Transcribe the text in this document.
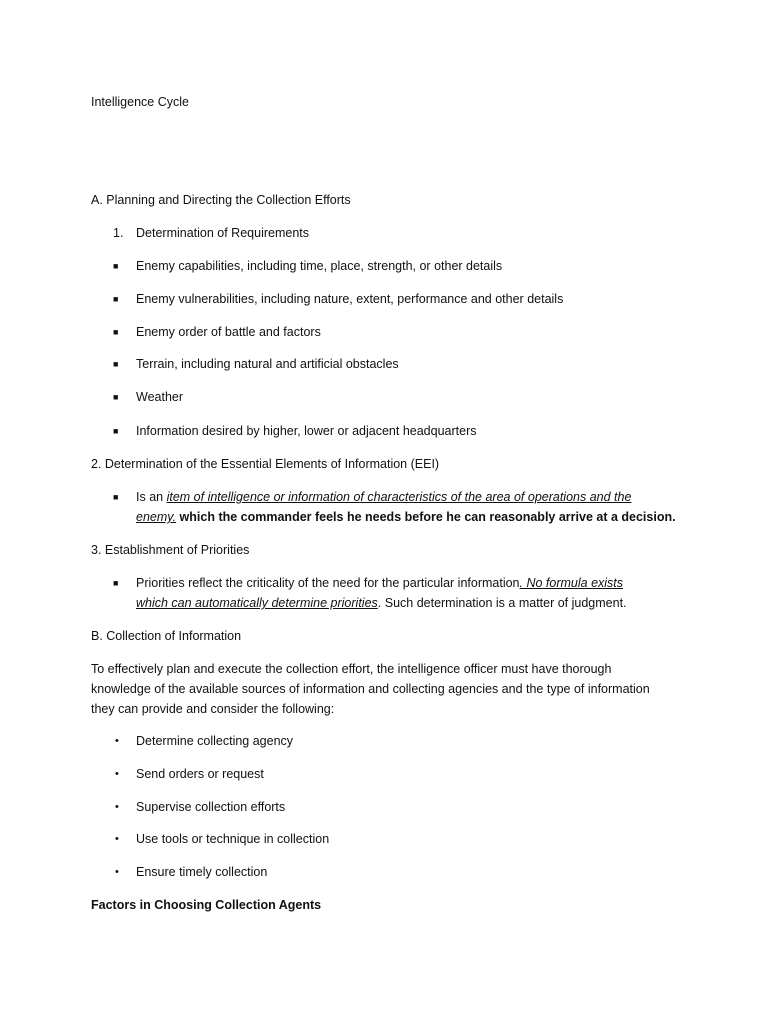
Intelligence Cycle
A. Planning and Directing the Collection Efforts
1. Determination of Requirements
■ Enemy capabilities, including time, place, strength, or other details
■ Enemy vulnerabilities, including nature, extent, performance and other details
■ Enemy order of battle and factors
■ Terrain, including natural and artificial obstacles
■ Weather
■ Information desired by higher, lower or adjacent headquarters
2. Determination of the Essential Elements of Information (EEI)
■ Is an item of intelligence or information of characteristics of the area of operations and the
enemy. which the commander feels he needs before he can reasonably arrive at a decision.
3. Establishment of Priorities
■ Priorities reflect the criticality of the need for the particular information. No formula exists
which can automatically determine priorities. Such determination is a matter of judgment.
B. Collection of Information
To effectively plan and execute the collection effort, the intelligence officer must have thorough
knowledge of the available sources of information and collecting agencies and the type of information
they can provide and consider the following:
• Determine collecting agency
• Send orders or request
• Supervise collection efforts
• Use tools or technique in collection
• Ensure timely collection
Factors in Choosing Collection Agents
